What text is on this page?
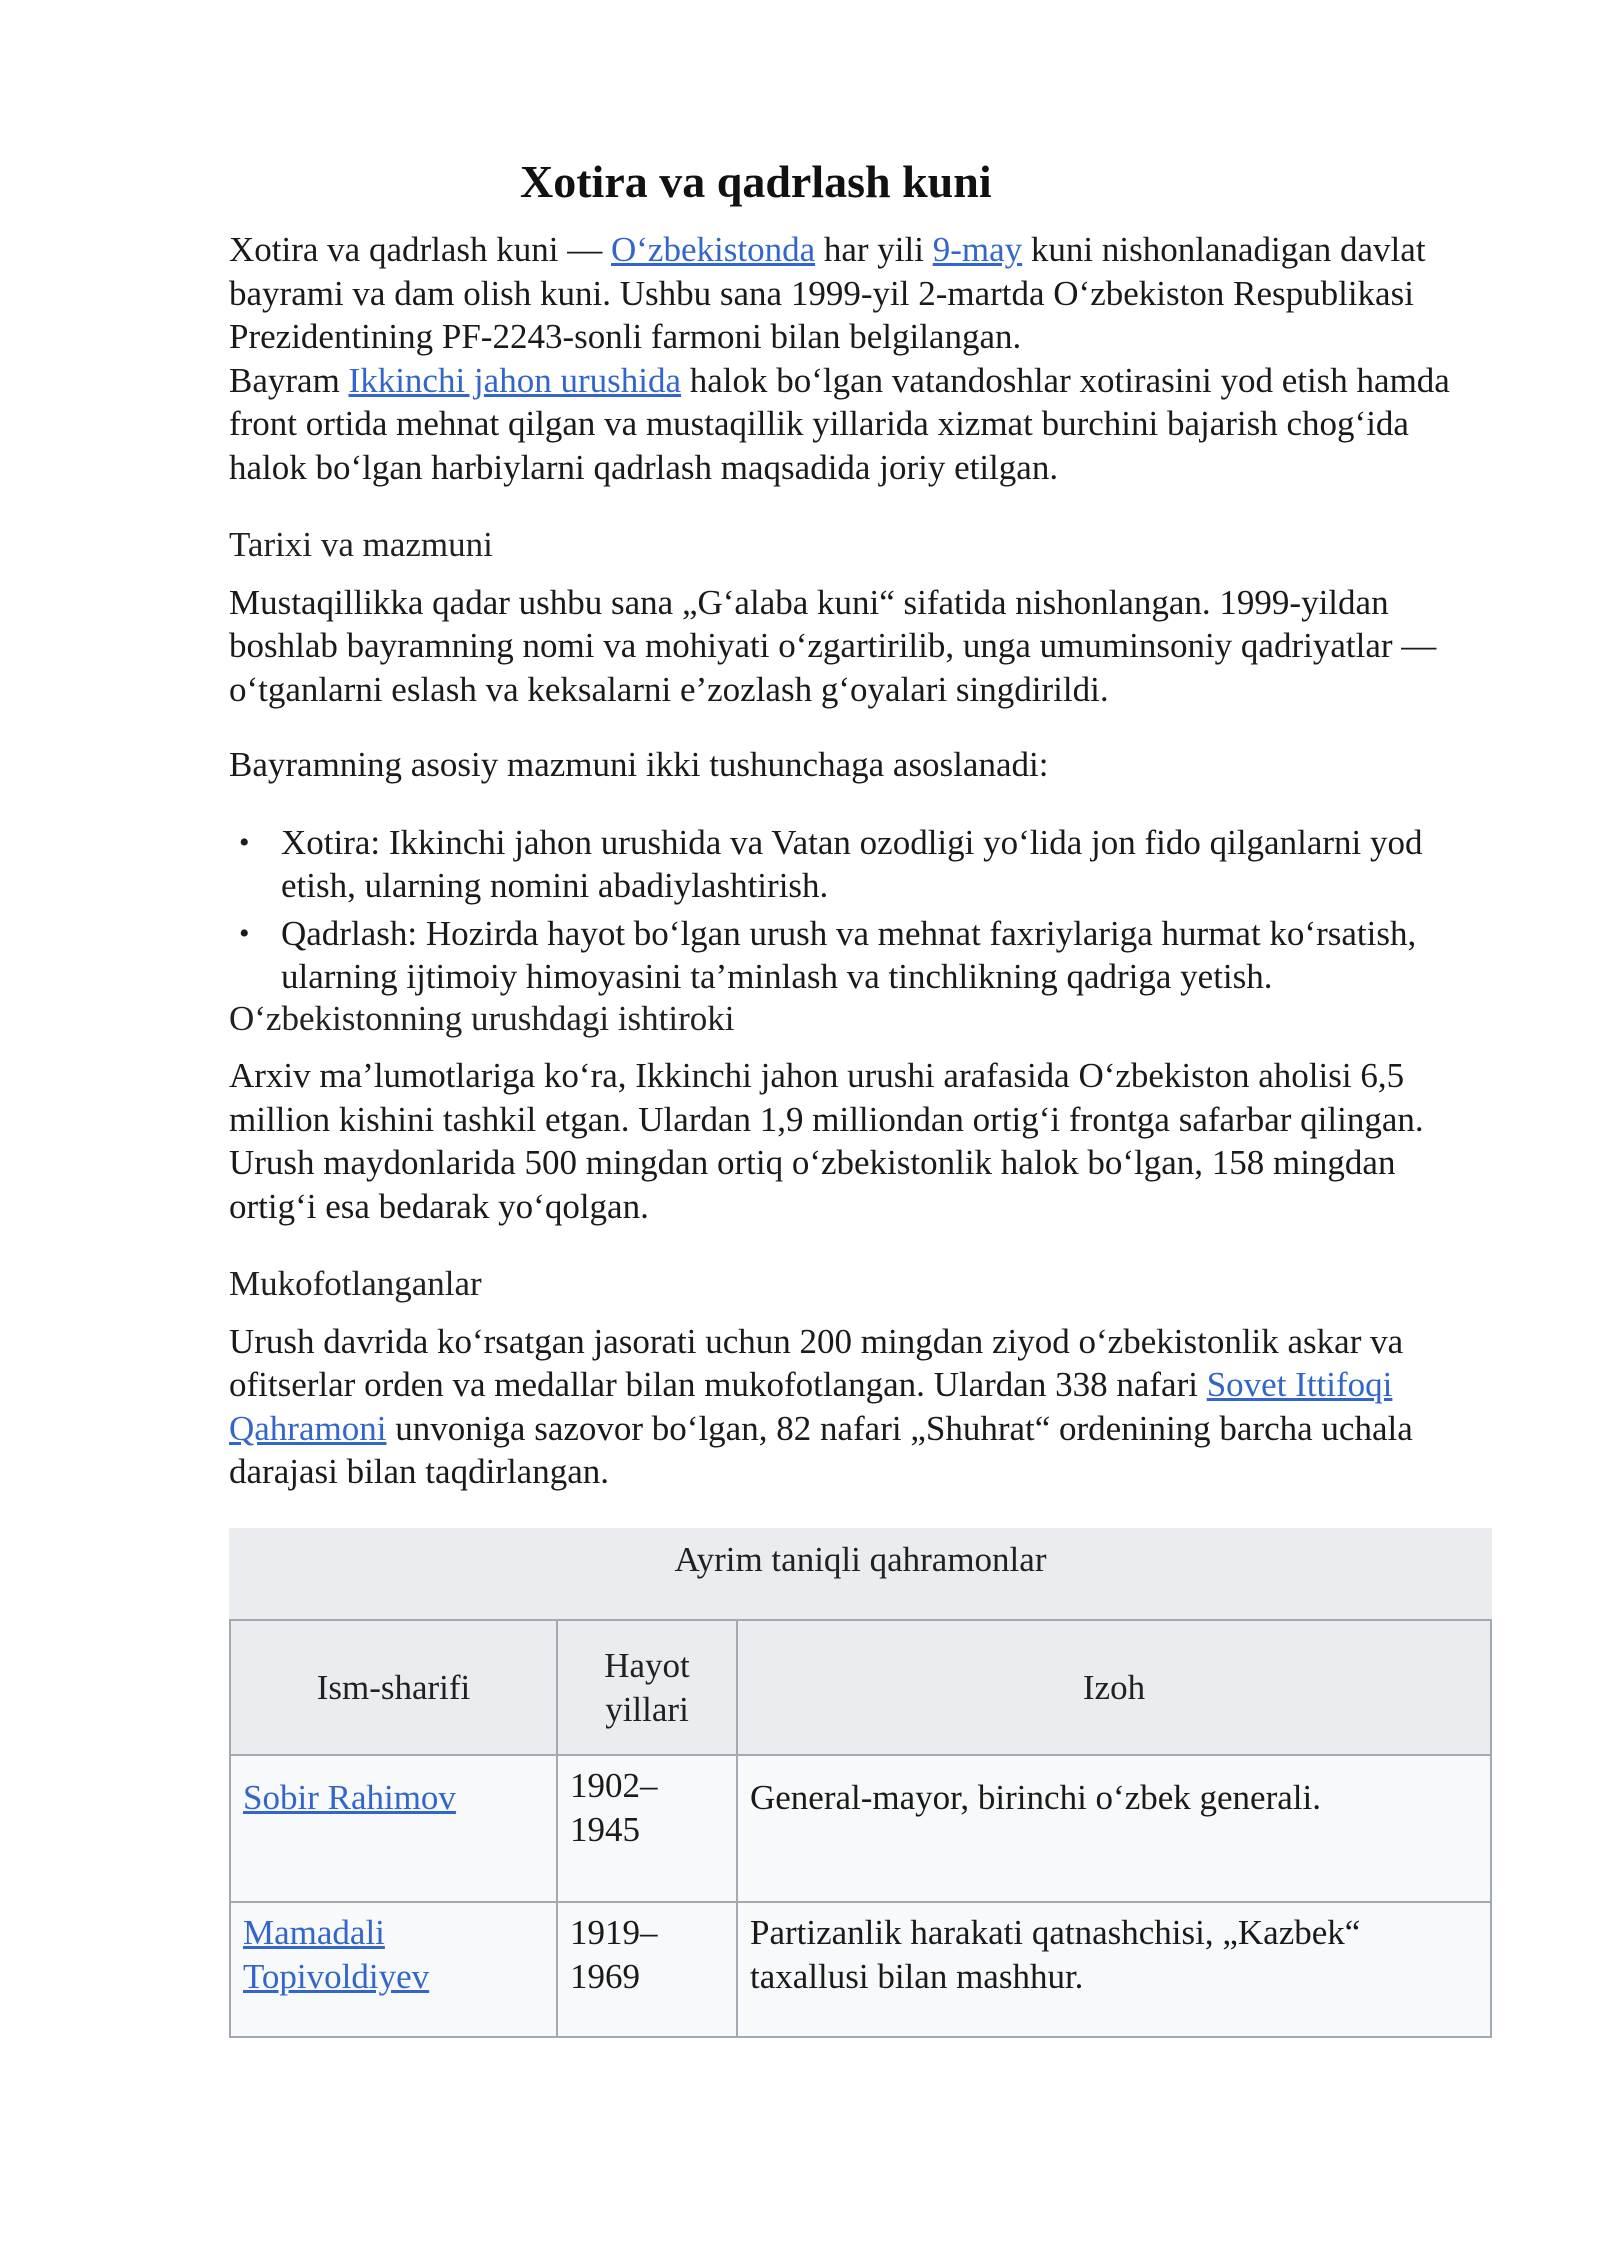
Xotira va qadrlash kuni

Xotira va qadrlash kuni — O‘zbekistonda har yili 9-may kuni nishonlanadigan davlat bayrami va dam olish kuni. Ushbu sana 1999-yil 2-martda O‘zbekiston Respublikasi Prezidentining PF-2243-sonli farmoni bilan belgilangan.

Bayram Ikkinchi jahon urushida halok bo‘lgan vatandoshlar xotirasini yod etish hamda front ortida mehnat qilgan va mustaqillik yillarida xizmat burchini bajarish chog‘ida halok bo‘lgan harbiylarni qadrlash maqsadida joriy etilgan.

Tarixi va mazmuni

Mustaqillikka qadar ushbu sana „G‘alaba kuni“ sifatida nishonlangan. 1999-yildan boshlab bayramning nomi va mohiyati o‘zgartirilib, unga umuminsoniy qadriyatlar — o‘tganlarni eslash va keksalarni e’zozlash g‘oyalari singdirildi.

Bayramning asosiy mazmuni ikki tushunchaga asoslanadi:

• Xotira: Ikkinchi jahon urushida va Vatan ozodligi yo‘lida jon fido qilganlarni yod etish, ularning nomini abadiylashtirish.
• Qadrlash: Hozirda hayot bo‘lgan urush va mehnat faxriylariga hurmat ko‘rsatish, ularning ijtimoiy himoyasini ta’minlash va tinchlikning qadriga yetish.

O‘zbekistonning urushdagi ishtiroki

Arxiv ma’lumotlariga ko‘ra, Ikkinchi jahon urushi arafasida O‘zbekiston aholisi 6,5 million kishini tashkil etgan. Ulardan 1,9 milliondan ortig‘i frontga safarbar qilingan. Urush maydonlarida 500 mingdan ortiq o‘zbekistonlik halok bo‘lgan, 158 mingdan ortig‘i esa bedarak yo‘qolgan.

Mukofotlanganlar

Urush davrida ko‘rsatgan jasorati uchun 200 mingdan ziyod o‘zbekistonlik askar va ofitserlar orden va medallar bilan mukofotlangan. Ulardan 338 nafari Sovet Ittifoqi Qahramoni unvoniga sazovor bo‘lgan, 82 nafari „Shuhrat“ ordenining barcha uchala darajasi bilan taqdirlangan.

Ayrim taniqli qahramonlar
Ism-sharifi	Hayot yillari	Izoh
Sobir Rahimov	1902–1945	General-mayor, birinchi o‘zbek generali.
Mamadali Topivoldiyev	1919–1969	Partizanlik harakati qatnashchisi, „Kazbek“ taxallusi bilan mashhur.
